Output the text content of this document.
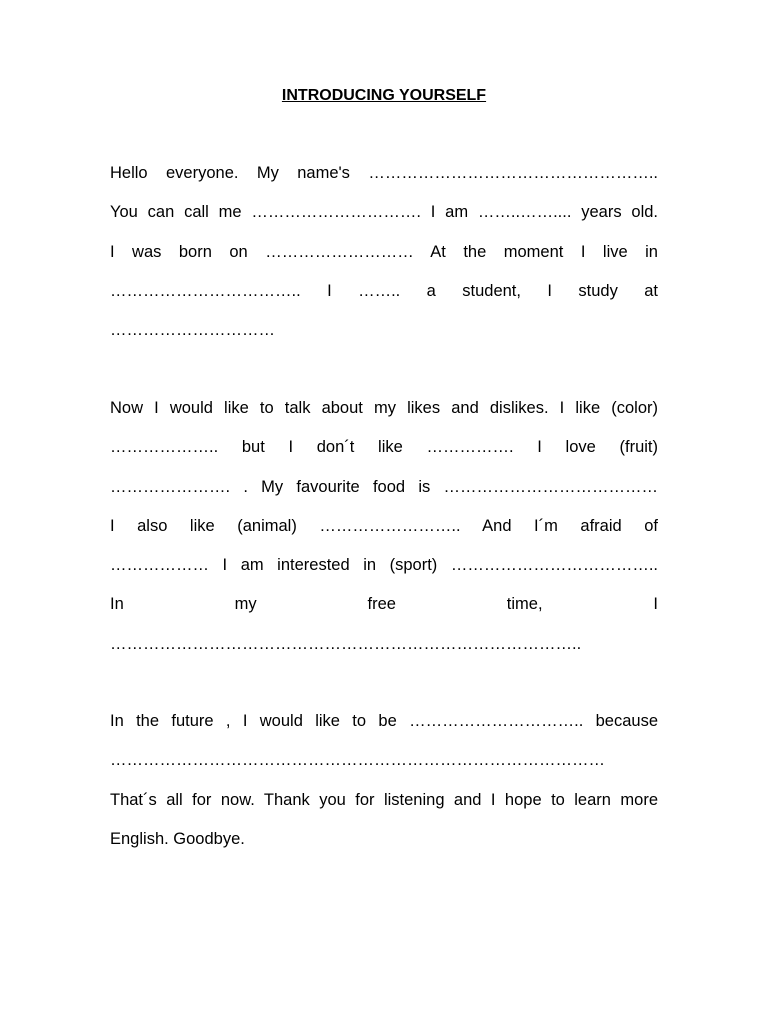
INTRODUCING YOURSELF
Hello everyone. My name's ……………………………………………..
You can call me …………………………. I am ……..…….... years old.
I was born on ……………………… At the moment I live in
…………………………….. I …….. a student, I study at
…………………………
Now I would like to talk about my likes and dislikes. I like (color)
……………….. but I don´t like ……………. I love (fruit)
…………………. . My favourite food is …………………………………
I also like (animal) …………………….. And I´m afraid of
……………… I am interested in (sport) ………………………………..
In my free time, I
…………………………………………………………………………..
In the future , I would like to be ………………………….. because
………………………………………………………………………………
That´s all for now. Thank you for listening and I hope to learn more
English. Goodbye.
